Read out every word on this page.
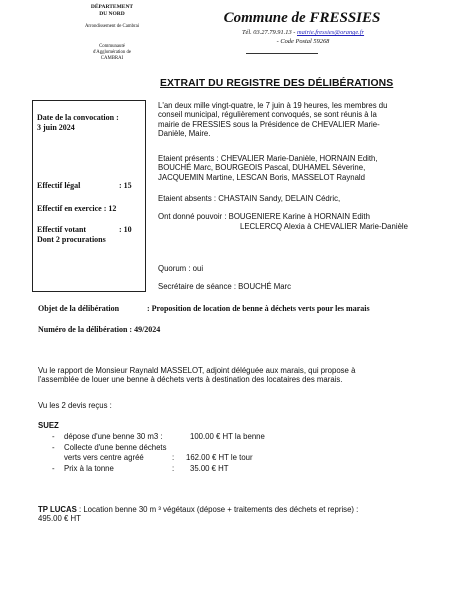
DÉPARTEMENT
DU NORD
Arrondissement de Cambrai
Communauté
d'Agglomération de
CAMBRAI
Commune de FRESSIES
Tél. 03.27.79.91.13 - mairie.fressies@orange.fr
- Code Postal 59268
EXTRAIT DU REGISTRE DES DÉLIBÉRATIONS
Date de la convocation :
3 juin 2024
Effectif légal	: 15
Effectif en exercice : 12
Effectif votant	: 10
Dont 2 procurations
L'an deux mille vingt-quatre, le 7 juin à 19 heures, les membres du
conseil municipal, régulièrement convoqués, se sont réunis à la
mairie de FRESSIES sous la Présidence de CHEVALIER Marie-
Danièle, Maire.
Etaient présents : CHEVALIER Marie-Danièle, HORNAIN Edith,
BOUCHÉ Marc, BOURGEOIS Pascal, DUHAMEL Séverine,
JACQUEMIN Martine, LESCAN Boris, MASSELOT Raynald
Etaient absents : CHASTAIN Sandy, DELAIN Cédric,
Ont donné pouvoir : BOUGENIERE Karine à HORNAIN Edith
LECLERCQ Alexia à CHEVALIER Marie-Danièle
Quorum : oui
Secrétaire de séance : BOUCHÉ Marc
Objet de la délibération	: Proposition de location de benne à déchets verts pour les marais
Numéro de la délibération : 49/2024
Vu le rapport de Monsieur Raynald MASSELOT, adjoint déléguée aux marais, qui propose à
l'assemblée de louer une benne à déchets verts à destination des locataires des marais.
Vu les 2 devis reçus :
SUEZ
- dépose d'une benne 30 m3 :	100.00 € HT la benne
- Collecte d'une benne déchets
verts vers centre agréé	: 162.00 € HT le tour
- Prix à la tonne	: 35.00 € HT
TP LUCAS : Location benne 30 m ³ végétaux (dépose + traitements des déchets et reprise) :
495.00 € HT
